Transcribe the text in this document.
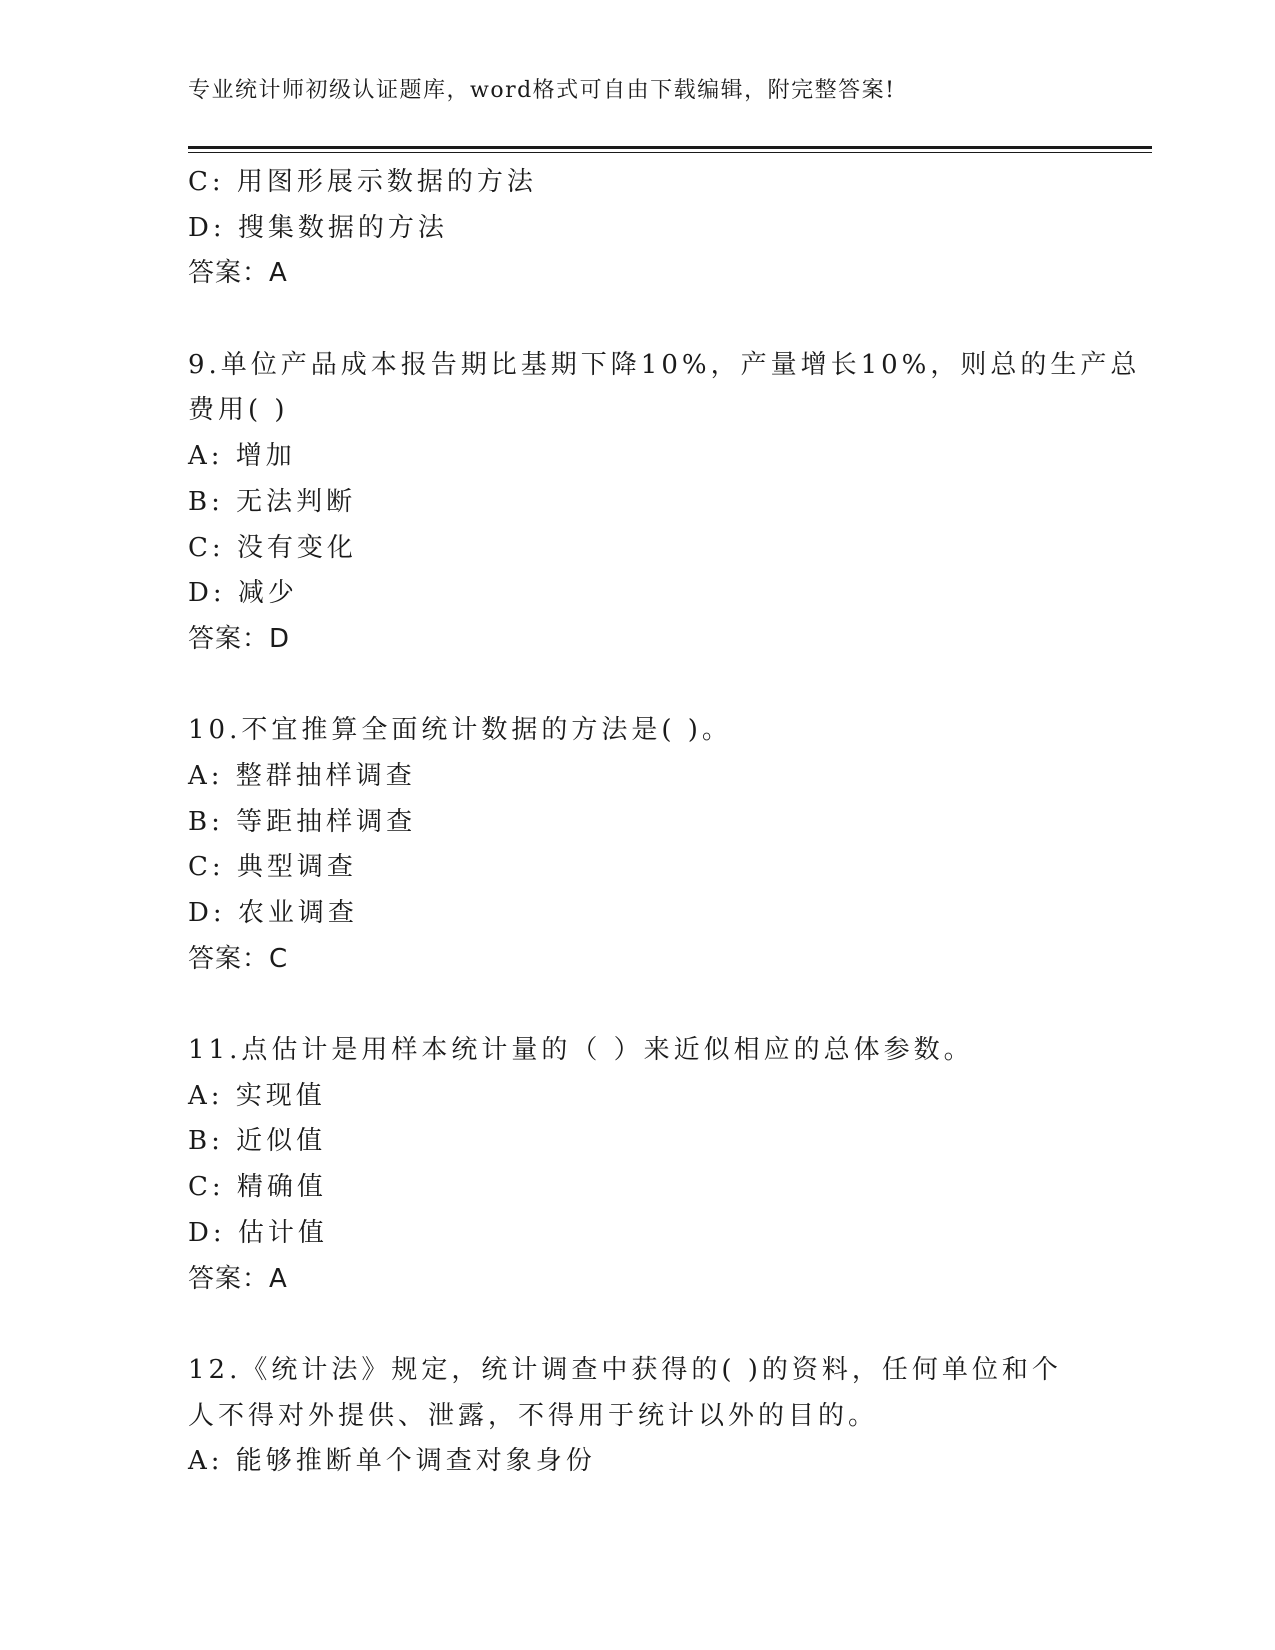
专业统计师初级认证题库，word格式可自由下载编辑，附完整答案!
C: 用图形展示数据的方法
D: 搜集数据的方法
答案：A
9.单位产品成本报告期比基期下降10%，产量增长10%，则总的生产总
费用( )
A: 增加
B: 无法判断
C: 没有变化
D: 减少
答案：D
10.不宜推算全面统计数据的方法是( )。
A: 整群抽样调查
B: 等距抽样调查
C: 典型调查
D: 农业调查
答案：C
11.点估计是用样本统计量的（ ）来近似相应的总体参数。
A: 实现值
B: 近似值
C: 精确值
D: 估计值
答案：A
12.《统计法》规定，统计调查中获得的( )的资料，任何单位和个
人不得对外提供、泄露，不得用于统计以外的目的。
A: 能够推断单个调查对象身份
